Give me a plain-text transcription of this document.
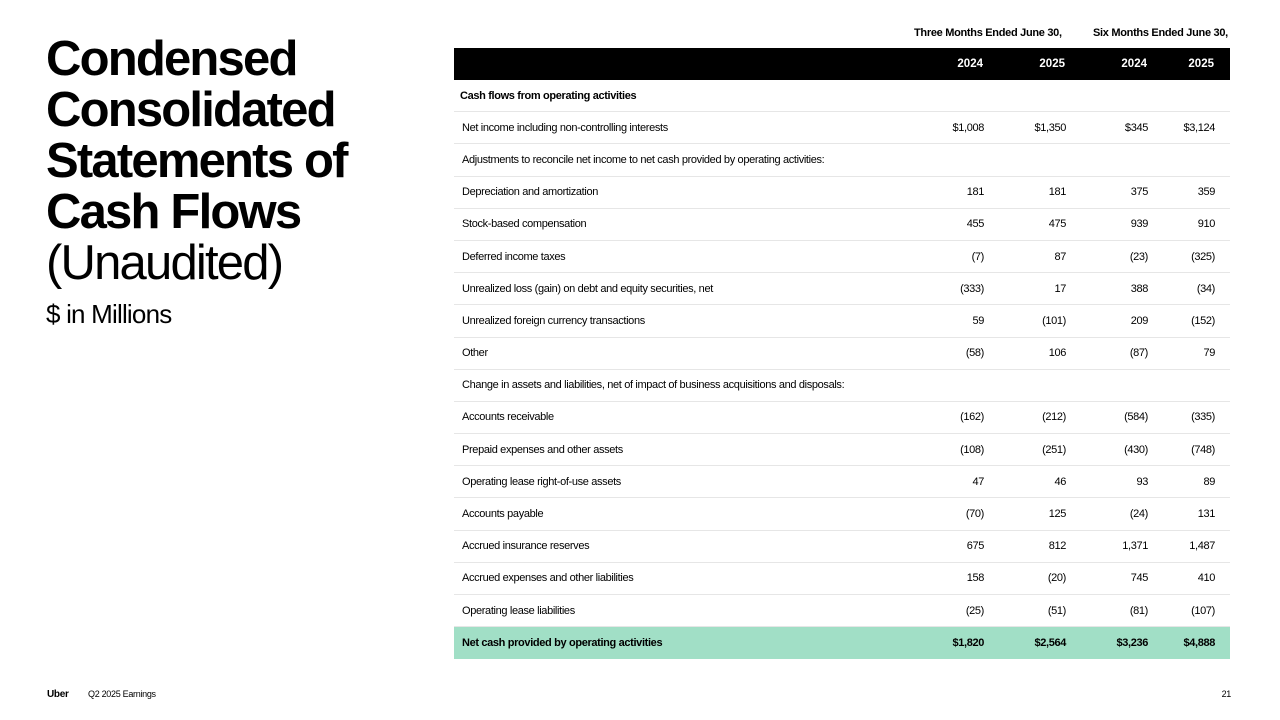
Condensed
Consolidated
Statements of
Cash Flows
(Unaudited)

$ in Millions

Three Months Ended June 30,	Six Months Ended June 30,
2024	2025	2024	2025
Cash flows from operating activities
Net income including non-controlling interests	$1,008	$1,350	$345	$3,124
Adjustments to reconcile net income to net cash provided by operating activities:
Depreciation and amortization	181	181	375	359
Stock-based compensation	455	475	939	910
Deferred income taxes	(7)	87	(23)	(325)
Unrealized loss (gain) on debt and equity securities, net	(333)	17	388	(34)
Unrealized foreign currency transactions	59	(101)	209	(152)
Other	(58)	106	(87)	79
Change in assets and liabilities, net of impact of business acquisitions and disposals:
Accounts receivable	(162)	(212)	(584)	(335)
Prepaid expenses and other assets	(108)	(251)	(430)	(748)
Operating lease right-of-use assets	47	46	93	89
Accounts payable	(70)	125	(24)	131
Accrued insurance reserves	675	812	1,371	1,487
Accrued expenses and other liabilities	158	(20)	745	410
Operating lease liabilities	(25)	(51)	(81)	(107)
Net cash provided by operating activities	$1,820	$2,564	$3,236	$4,888
Uber Q2 2025 Earnings	21
